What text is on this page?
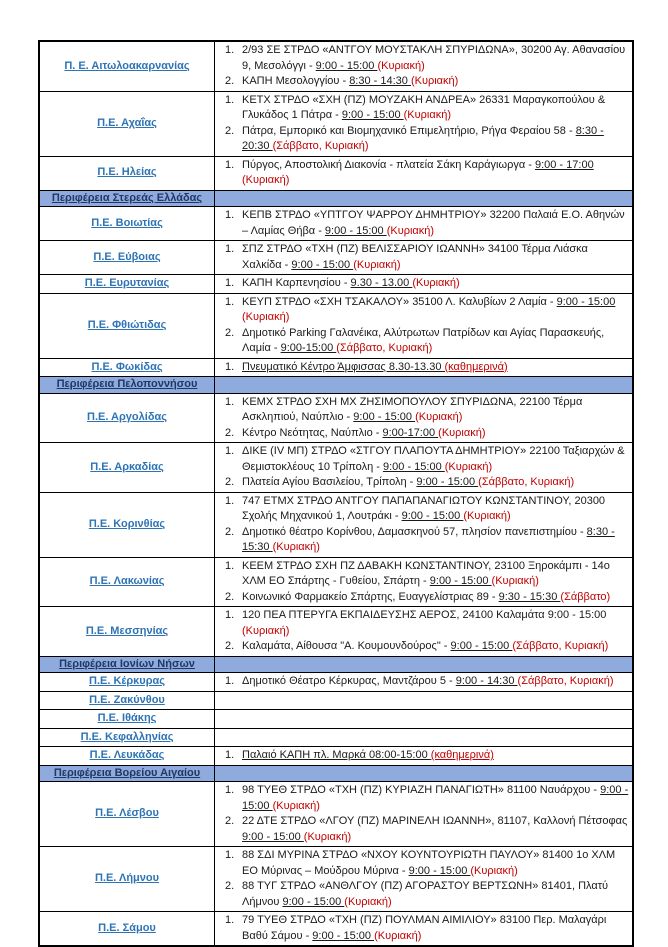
Π. Ε. Αιτωλοακαρνανίας	1. 2/93 ΣΕ ΣΤΡΔΟ «ΑΝΤΓΟΥ ΜΟΥΣΤΑΚΛΗ ΣΠΥΡΙΔΩΝΑ», 30200 Αγ. Αθανασίου 9, Μεσολόγγι - 9:00 - 15:00 (Κυριακή)
2. ΚΑΠΗ Μεσολογγίου - 8:30 - 14:30 (Κυριακή)

Π.Ε. Αχαΐας	1. ΚΕΤΧ ΣΤΡΔΟ «ΣΧΗ (ΠΖ) ΜΟΥΖΑΚΗ ΑΝΔΡΕΑ» 26331 Μαραγκοπούλου & Γλυκάδος 1 Πάτρα - 9:00 - 15:00 (Κυριακή)
2. Πάτρα, Εμπορικό και Βιομηχανικό Επιμελητήριο, Ρήγα Φεραίου 58 - 8:30 - 20:30 (Σάββατο, Κυριακή)

Π.Ε. Ηλείας	1. Πύργος, Αποστολική Διακονία - πλατεία Σάκη Καράγιωργα - 9:00 - 17:00 (Κυριακή)

Περιφέρεια Στερεάς Ελλάδας	

Π.Ε. Βοιωτίας	1. ΚΕΠΒ ΣΤΡΔΟ «ΥΠΤΓΟΥ ΨΑΡΡΟΥ ΔΗΜΗΤΡΙΟΥ» 32200 Παλαιά Ε.Ο. Αθηνών – Λαμίας Θήβα - 9:00 - 15:00 (Κυριακή)

Π.Ε. Εύβοιας	1. ΣΠΖ ΣΤΡΔΟ «ΤΧΗ (ΠΖ) ΒΕΛΙΣΣΑΡΙΟΥ ΙΩΑΝΝΗ» 34100 Τέρμα Λιάσκα Χαλκίδα - 9:00 - 15:00 (Κυριακή)

Π.Ε. Ευρυτανίας	1. ΚΑΠΗ Καρπενησίου - 9.30 - 13.00 (Κυριακή)

Π.Ε. Φθιώτιδας	1. ΚΕΥΠ ΣΤΡΔΟ «ΣΧΗ ΤΣΑΚΑΛΟΥ» 35100 Λ. Καλυβίων 2 Λαμία - 9:00 - 15:00 (Κυριακή)
2. Δημοτικό Parking Γαλανέικα, Αλύτρωτων Πατρίδων και Αγίας Παρασκευής, Λαμία - 9:00-15:00 (Σάββατο, Κυριακή)

Π.Ε. Φωκίδας	1. Πνευματικό Κέντρο Άμφισσας 8.30-13.30 (καθημερινά)

Περιφέρεια Πελοποννήσου	

Π.Ε. Αργολίδας	1. ΚΕΜΧ ΣΤΡΔΟ ΣΧΗ ΜΧ ΖΗΣΙΜΟΠΟΥΛΟΥ ΣΠΥΡΙΔΩΝΑ, 22100 Τέρμα Ασκληπιού, Ναύπλιο - 9:00 - 15:00 (Κυριακή)
2. Κέντρο Νεότητας, Ναύπλιο - 9:00-17:00 (Κυριακή)

Π.Ε. Αρκαδίας	1. ΔΙΚΕ (ΙV ΜΠ) ΣΤΡΔΟ «ΣΤΓΟΥ ΠΛΑΠΟΥΤΑ ΔΗΜΗΤΡΙΟΥ» 22100 Ταξιαρχών & Θεμιστοκλέους 10 Τρίπολη - 9:00 - 15:00 (Κυριακή)
2. Πλατεία Αγίου Βασιλείου, Τρίπολη - 9:00 - 15:00 (Σάββατο, Κυριακή)

Π.Ε. Κορινθίας	1. 747 ΕΤΜΧ ΣΤΡΔΟ ΑΝΤΓΟΥ ΠΑΠΑΠΑΝΑΓΙΩΤΟΥ ΚΩΝΣΤΑΝΤΙΝΟΥ, 20300 Σχολής Μηχανικού 1, Λουτράκι - 9:00 - 15:00 (Κυριακή)
2. Δημοτικό θέατρο Κορίνθου, Δαμασκηνού 57, πλησίον πανεπιστημίου - 8:30 - 15:30 (Κυριακή)

Π.Ε. Λακωνίας	1. ΚΕΕΜ ΣΤΡΔΟ ΣΧΗ ΠΖ ΔΑΒΑΚΗ ΚΩΝΣΤΑΝΤΙΝΟΥ, 23100 Ξηροκάμπι - 14ο ΧΛΜ ΕΟ Σπάρτης - Γυθείου, Σπάρτη - 9:00 - 15:00 (Κυριακή)
2. Κοινωνικό Φαρμακείο Σπάρτης, Ευαγγελίστριας 89 - 9:30 - 15:30 (Σάββατο)

Π.Ε. Μεσσηνίας	1. 120 ΠΕΑ ΠΤΕΡΥΓΑ ΕΚΠΑΙΔΕΥΣΗΣ ΑΕΡΟΣ, 24100 Καλαμάτα 9:00 - 15:00 (Κυριακή)
2. Καλαμάτα, Αίθουσα "Α. Κουμουνδούρος" - 9:00 - 15:00 (Σάββατο, Κυριακή)

Περιφέρεια Ιονίων Νήσων	

Π.Ε. Κέρκυρας	1. Δημοτικό Θέατρο Κέρκυρας, Μαντζάρου 5 - 9:00 - 14:30 (Σάββατο, Κυριακή)

Π.Ε. Ζακύνθου	
Π.Ε. Ιθάκης	
Π.Ε. Κεφαλληνίας	
Π.Ε. Λευκάδας	1. Παλαιό ΚΑΠΗ πλ. Μαρκά 08:00-15:00 (καθημερινά)

Περιφέρεια Βορείου Αιγαίου	

Π.Ε. Λέσβου	1. 98 ΤΥΕΘ ΣΤΡΔΟ «ΤΧΗ (ΠΖ) ΚΥΡΙΑΖΗ ΠΑΝΑΓΙΩΤΗ» 81100 Ναυάρχου - 9:00 - 15:00 (Κυριακή)
2. 22 ΔΤΕ ΣΤΡΔΟ «ΛΓΟΥ (ΠΖ) ΜΑΡΙΝΕΛΗ ΙΩΑΝΝΗ», 81107, Καλλονή Πέτσοφας 9:00 - 15:00 (Κυριακή)

Π.Ε. Λήμνου	1. 88 ΣΔΙ ΜΥΡΙΝΑ ΣΤΡΔΟ «ΝΧΟΥ ΚΟΥΝΤΟΥΡΙΩΤΗ ΠΑΥΛΟΥ» 81400 1ο ΧΛΜ ΕΟ Μύρινας – Μούδρου Μύρινα - 9:00 - 15:00 (Κυριακή)
2. 88 ΤΥΓ ΣΤΡΔΟ «ΑΝΘΛΓΟΥ (ΠΖ) ΑΓΟΡΑΣΤΟΥ ΒΕΡΤΣΩΝΗ» 81401, Πλατύ Λήμνου 9:00 - 15:00 (Κυριακή)

Π.Ε. Σάμου	1. 79 ΤΥΕΘ ΣΤΡΔΟ «ΤΧΗ (ΠΖ) ΠΟΥΛΜΑΝ ΑΙΜΙΛΙΟΥ» 83100 Περ. Μαλαγάρι Βαθύ Σάμου - 9:00 - 15:00 (Κυριακή)
